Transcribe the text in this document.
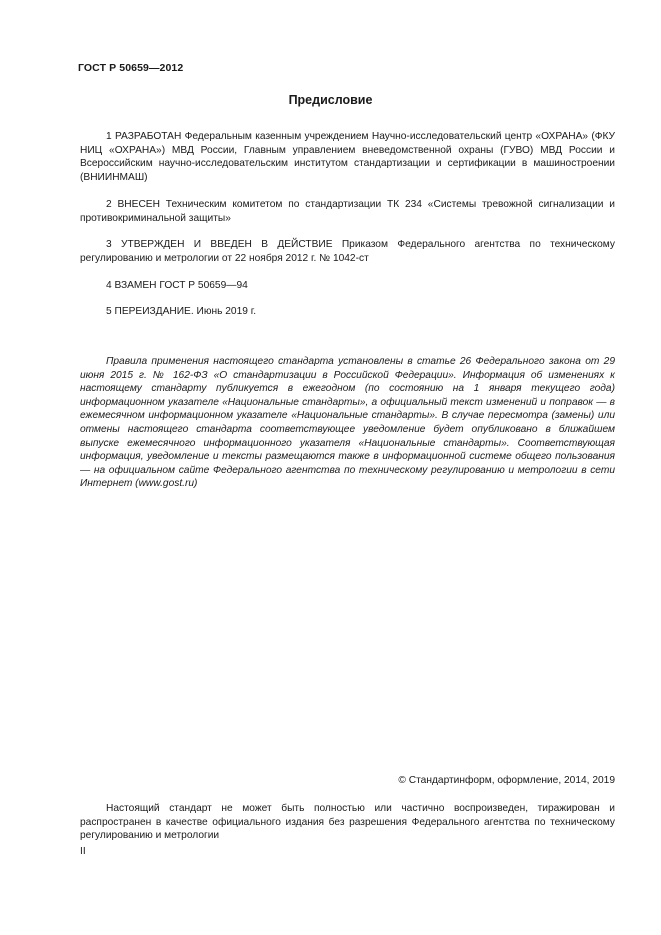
ГОСТ Р 50659—2012
Предисловие
1 РАЗРАБОТАН Федеральным казенным учреждением Научно-исследовательский центр «ОХРАНА» (ФКУ НИЦ «ОХРАНА») МВД России, Главным управлением вневедомственной охраны (ГУВО) МВД России и Всероссийским научно-исследовательским институтом стандартизации и сертификации в машиностроении (ВНИИНМАШ)
2 ВНЕСЕН Техническим комитетом по стандартизации ТК 234 «Системы тревожной сигнализации и противокриминальной защиты»
3 УТВЕРЖДЕН И ВВЕДЕН В ДЕЙСТВИЕ Приказом Федерального агентства по техническому регулированию и метрологии от 22 ноября 2012 г. № 1042-ст
4 ВЗАМЕН ГОСТ Р 50659—94
5 ПЕРЕИЗДАНИЕ. Июнь 2019 г.
Правила применения настоящего стандарта установлены в статье 26 Федерального закона от 29 июня 2015 г. № 162-ФЗ «О стандартизации в Российской Федерации». Информация об изменениях к настоящему стандарту публикуется в ежегодном (по состоянию на 1 января текущего года) информационном указателе «Национальные стандарты», а официальный текст изменений и поправок — в ежемесячном информационном указателе «Национальные стандарты». В случае пересмотра (замены) или отмены настоящего стандарта соответствующее уведомление будет опубликовано в ближайшем выпуске ежемесячного информационного указателя «Национальные стандарты». Соответствующая информация, уведомление и тексты размещаются также в информационной системе общего пользования — на официальном сайте Федерального агентства по техническому регулированию и метрологии в сети Интернет (www.gost.ru)
© Стандартинформ, оформление, 2014, 2019
Настоящий стандарт не может быть полностью или частично воспроизведен, тиражирован и распространен в качестве официального издания без разрешения Федерального агентства по техническому регулированию и метрологии
II
